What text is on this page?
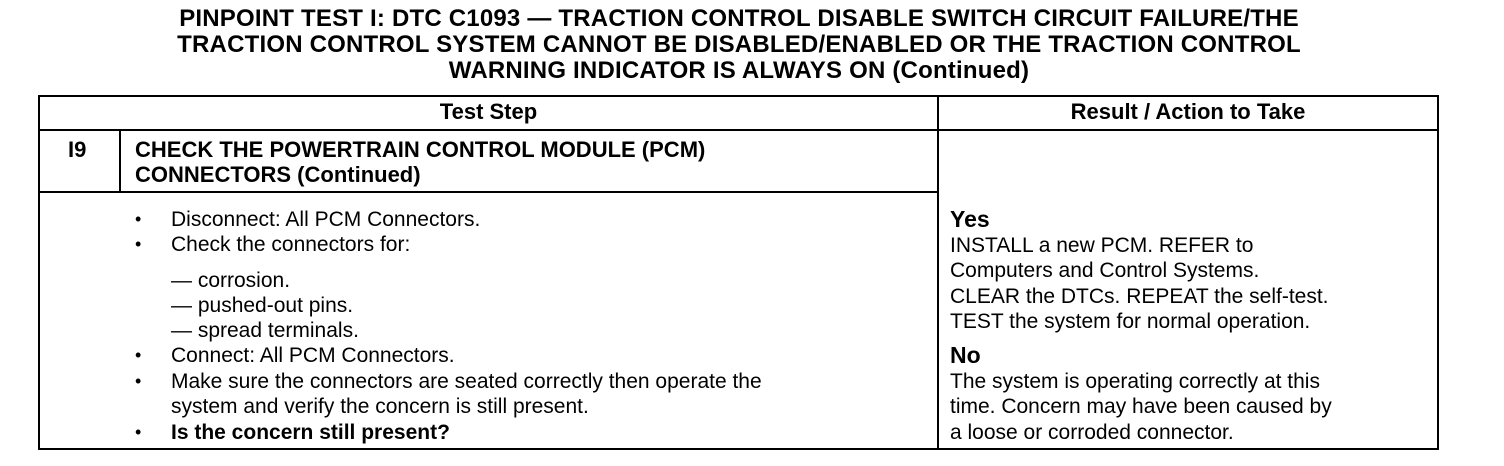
PINPOINT TEST I: DTC C1093 — TRACTION CONTROL DISABLE SWITCH CIRCUIT FAILURE/THE
TRACTION CONTROL SYSTEM CANNOT BE DISABLED/ENABLED OR THE TRACTION CONTROL
WARNING INDICATOR IS ALWAYS ON (Continued)
Test Step	Result / Action to Take
I9 CHECK THE POWERTRAIN CONTROL MODULE (PCM)
CONNECTORS (Continued)
• Disconnect: All PCM Connectors.
• Check the connectors for:
— corrosion.
— pushed-out pins.
— spread terminals.
• Connect: All PCM Connectors.
• Make sure the connectors are seated correctly then operate the
system and verify the concern is still present.
• Is the concern still present?
Yes
INSTALL a new PCM. REFER to
Computers and Control Systems.
CLEAR the DTCs. REPEAT the self-test.
TEST the system for normal operation.
No
The system is operating correctly at this
time. Concern may have been caused by
a loose or corroded connector.
